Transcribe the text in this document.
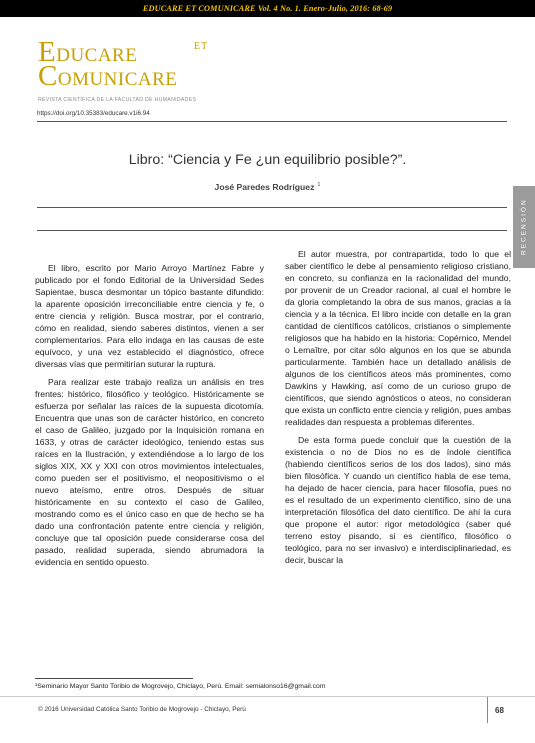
EDUCARE ET COMUNICARE Vol. 4 No. 1. Enero-Julio, 2016: 68-69
EDUCARE	ET
COMUNICARE
REVISTA CIENTÍFICA DE LA FACULTAD DE HUMANIDADES
https://doi.org/10.35383/educare.v1i6.94
RECENSIÓN
Libro: “Ciencia y Fe ¿un equilibrio posible?”.
José Paredes Rodríguez $^1$

El libro, escrito por Mario Arroyo Martínez Fabre y publicado por el fondo Editorial de la Universidad Sedes Sapientae, busca desmontar un tópico bastante difundido: la aparente oposición irreconciliable entre ciencia y fe, o entre ciencia y religión. Busca mostrar, por el contrario, cómo en realidad, siendo saberes distintos, vienen a ser complementarios. Para ello indaga en las causas de este equívoco, y una vez establecido el diagnóstico, ofrece diversas vías que permitirían suturar la ruptura.

Para realizar este trabajo realiza un análisis en tres frentes: histórico, filosófico y teológico. Históricamente se esfuerza por señalar las raíces de la supuesta dicotomía. Encuentra que unas son de carácter histórico, en concreto el caso de Galileo, juzgado por la Inquisición romana en 1633, y otras de carácter ideológico, teniendo estas sus raíces en la Ilustración, y extendiéndose a lo largo de los siglos XIX, XX y XXI con otros movimientos intelectuales, como pueden ser el positivismo, el neopositivismo o el nuevo ateísmo, entre otros. Después de situar históricamente en su contexto el caso de Galileo, mostrando como es el único caso en que de hecho se ha dado una confrontación patente entre ciencia y religión, concluye que tal oposición puede considerarse cosa del pasado, realidad superada, siendo abrumadora la evidencia en sentido opuesto.

El autor muestra, por contrapartida, todo lo que el saber científico le debe al pensamiento religioso cristiano, en concreto, su confianza en la racionalidad del mundo, por provenir de un Creador racional, al cual el hombre le da gloria completando la obra de sus manos, gracias a la ciencia y a la técnica. El libro incide con detalle en la gran cantidad de científicos católicos, cristianos o simplemente religiosos que ha habido en la historia: Copérnico, Mendel o Lemaître, por citar sólo algunos en los que se abunda particularmente. También hace un detallado análisis de algunos de los científicos ateos más prominentes, como Dawkins y Hawking, así como de un curioso grupo de científicos, que siendo agnósticos o ateos, no consideran que exista un conflicto entre ciencia y religión, pues ambas realidades dan respuesta a problemas diferentes.

De esta forma puede concluir que la cuestión de la existencia o no de Dios no es de índole científica (habiendo científicos serios de los dos lados), sino más bien filosófica. Y cuando un científico habla de ese tema, ha dejado de hacer ciencia, para hacer filosofía, pues no es el resultado de un experimento científico, sino de una interpretación filosófica del dato científico. De ahí la cura que propone el autor: rigor metodológico (saber qué terreno estoy pisando, si es científico, filosófico o teológico, para no ser invasivo) e interdisciplinariedad, es decir, buscar la

¹Seminario Mayor Santo Toribio de Mogrovejo, Chiclayo, Perú. Email: semialonso16@gmail.com
© 2016 Universidad Católica Santo Toribio de Mogrovejo - Chiclayo, Perú	68
